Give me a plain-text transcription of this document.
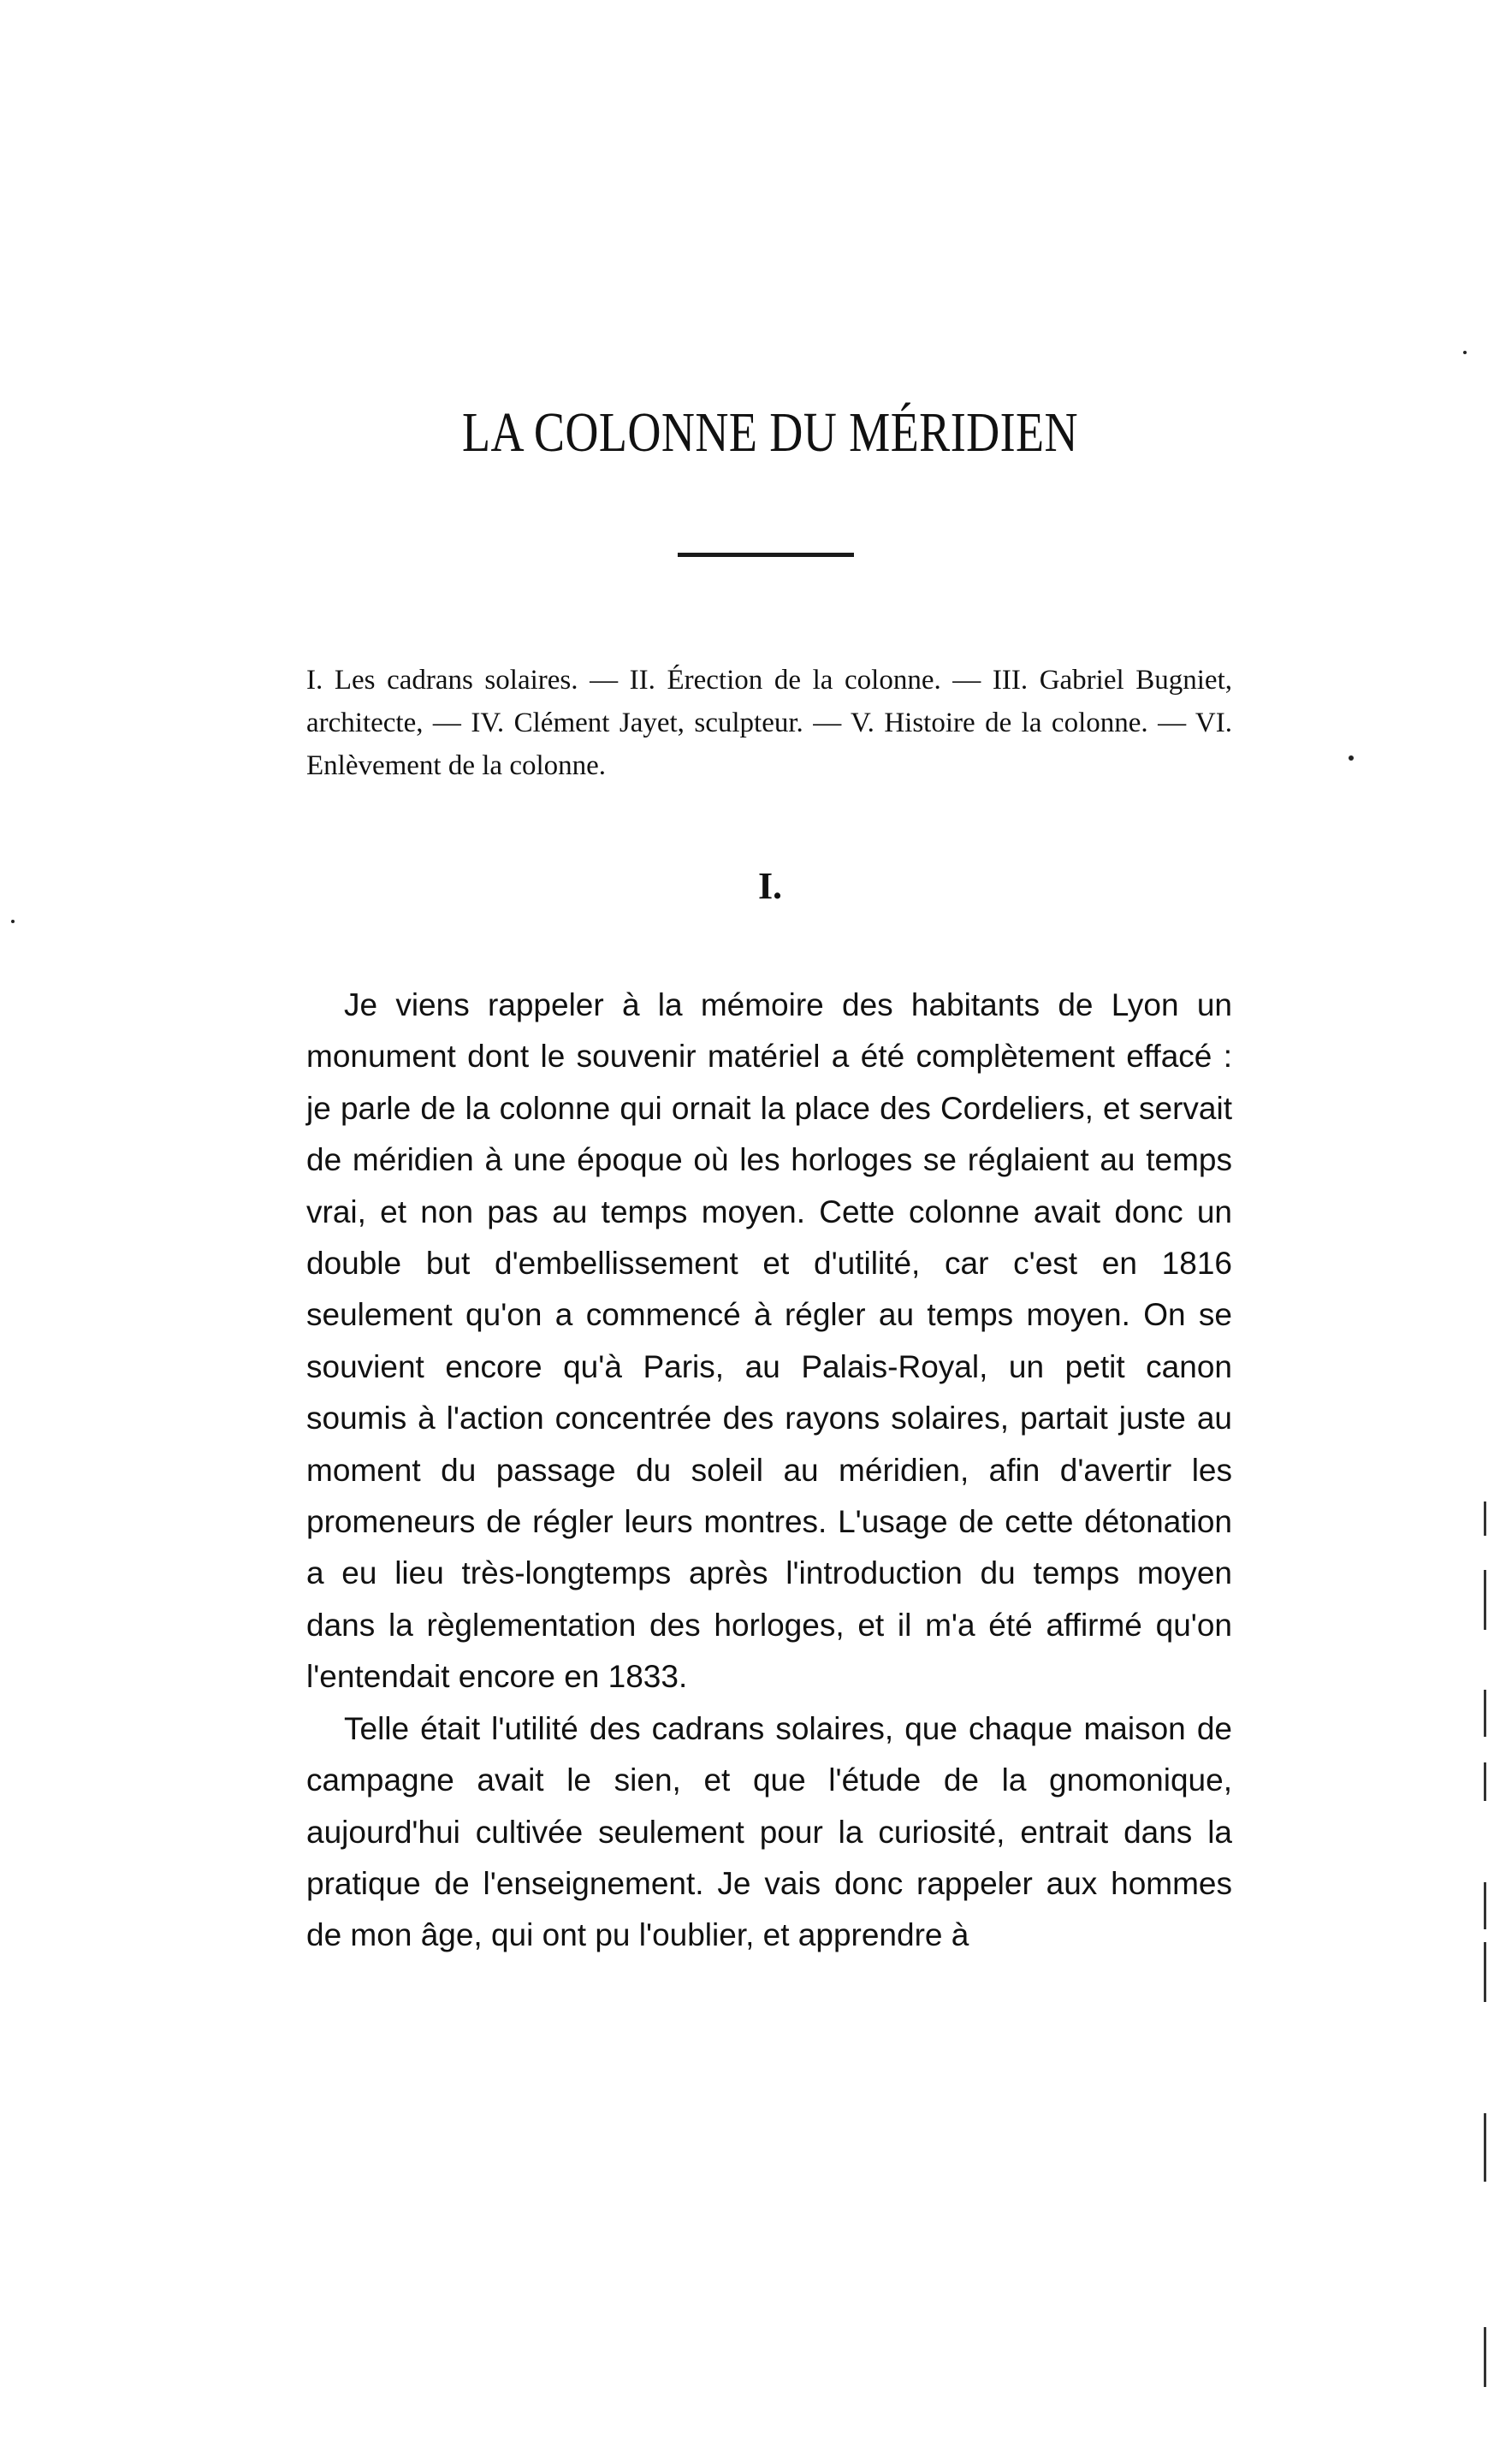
LA COLONNE DU MÉRIDIEN

I. Les cadrans solaires. — II. Érection de la colonne. — III. Gabriel Bugniet, architecte, — IV. Clément Jayet, sculpteur. — V. Histoire de la colonne. — VI. Enlèvement de la colonne.

I.

Je viens rappeler à la mémoire des habitants de Lyon un monument dont le souvenir matériel a été complètement effacé : je parle de la colonne qui ornait la place des Cordeliers, et servait de méridien à une époque où les horloges se réglaient au temps vrai, et non pas au temps moyen. Cette colonne avait donc un double but d'embellissement et d'utilité, car c'est en 1816 seulement qu'on a commencé à régler au temps moyen. On se souvient encore qu'à Paris, au Palais-Royal, un petit canon soumis à l'action concentrée des rayons solaires, partait juste au moment du passage du soleil au méridien, afin d'avertir les promeneurs de régler leurs montres. L'usage de cette détonation a eu lieu très-longtemps après l'introduction du temps moyen dans la règlementation des horloges, et il m'a été affirmé qu'on l'entendait encore en 1833.

Telle était l'utilité des cadrans solaires, que chaque maison de campagne avait le sien, et que l'étude de la gnomonique, aujourd'hui cultivée seulement pour la curiosité, entrait dans la pratique de l'enseignement. Je vais donc rappeler aux hommes de mon âge, qui ont pu l'oublier, et apprendre à
